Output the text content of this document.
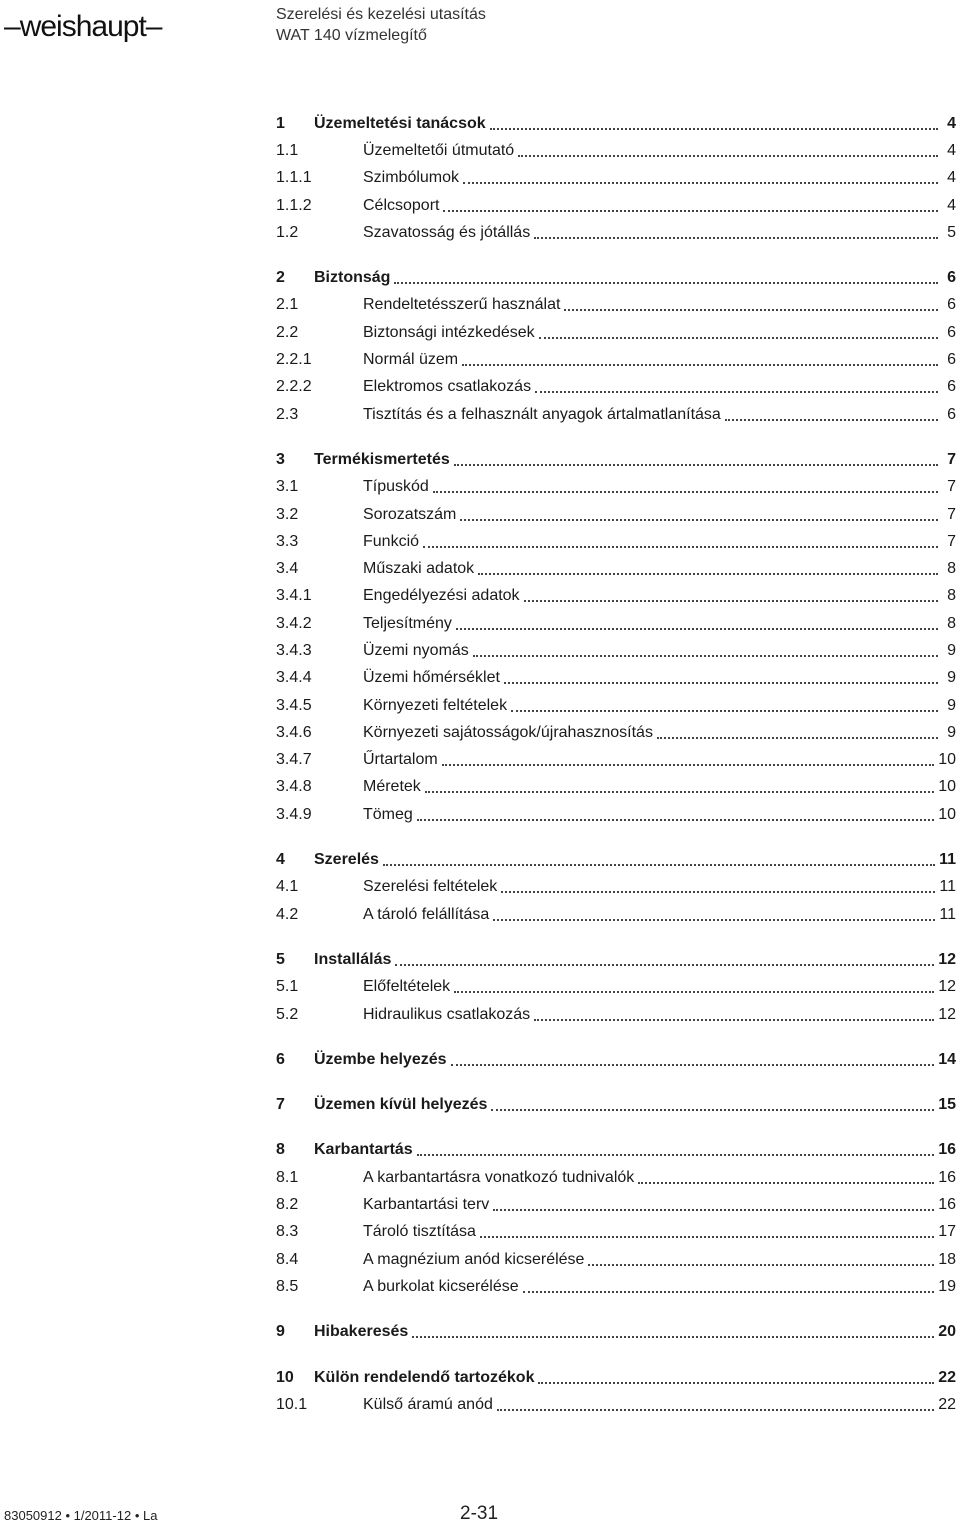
–weishaupt–	Szerelési és kezelési utasítás
WAT 140 vízmelegítő
1	Üzemeltetési tanácsok	4
1.1	Üzemeltetői útmutató	4
1.1.1	Szimbólumok	4
1.1.2	Célcsoport	4
1.2	Szavatosság és jótállás	5
2	Biztonság	6
2.1	Rendeltetésszerű használat	6
2.2	Biztonsági intézkedések	6
2.2.1	Normál üzem	6
2.2.2	Elektromos csatlakozás	6
2.3	Tisztítás és a felhasznált anyagok ártalmatlanítása	6
3	Termékismertetés	7
3.1	Típuskód	7
3.2	Sorozatszám	7
3.3	Funkció	7
3.4	Műszaki adatok	8
3.4.1	Engedélyezési adatok	8
3.4.2	Teljesítmény	8
3.4.3	Üzemi nyomás	9
3.4.4	Üzemi hőmérséklet	9
3.4.5	Környezeti feltételek	9
3.4.6	Környezeti sajátosságok/újrahasznosítás	9
3.4.7	Űrtartalom	10
3.4.8	Méretek	10
3.4.9	Tömeg	10
4	Szerelés	11
4.1	Szerelési feltételek	11
4.2	A tároló felállítása	11
5	Installálás	12
5.1	Előfeltételek	12
5.2	Hidraulikus csatlakozás	12
6	Üzembe helyezés	14
7	Üzemen kívül helyezés	15
8	Karbantartás	16
8.1	A karbantartásra vonatkozó tudnivalók	16
8.2	Karbantartási terv	16
8.3	Tároló tisztítása	17
8.4	A magnézium anód kicserélése	18
8.5	A burkolat kicserélése	19
9	Hibakeresés	20
10	Külön rendelendő tartozékok	22
10.1	Külső áramú anód	22
83050912 • 1/2011-12 • La	2-31
